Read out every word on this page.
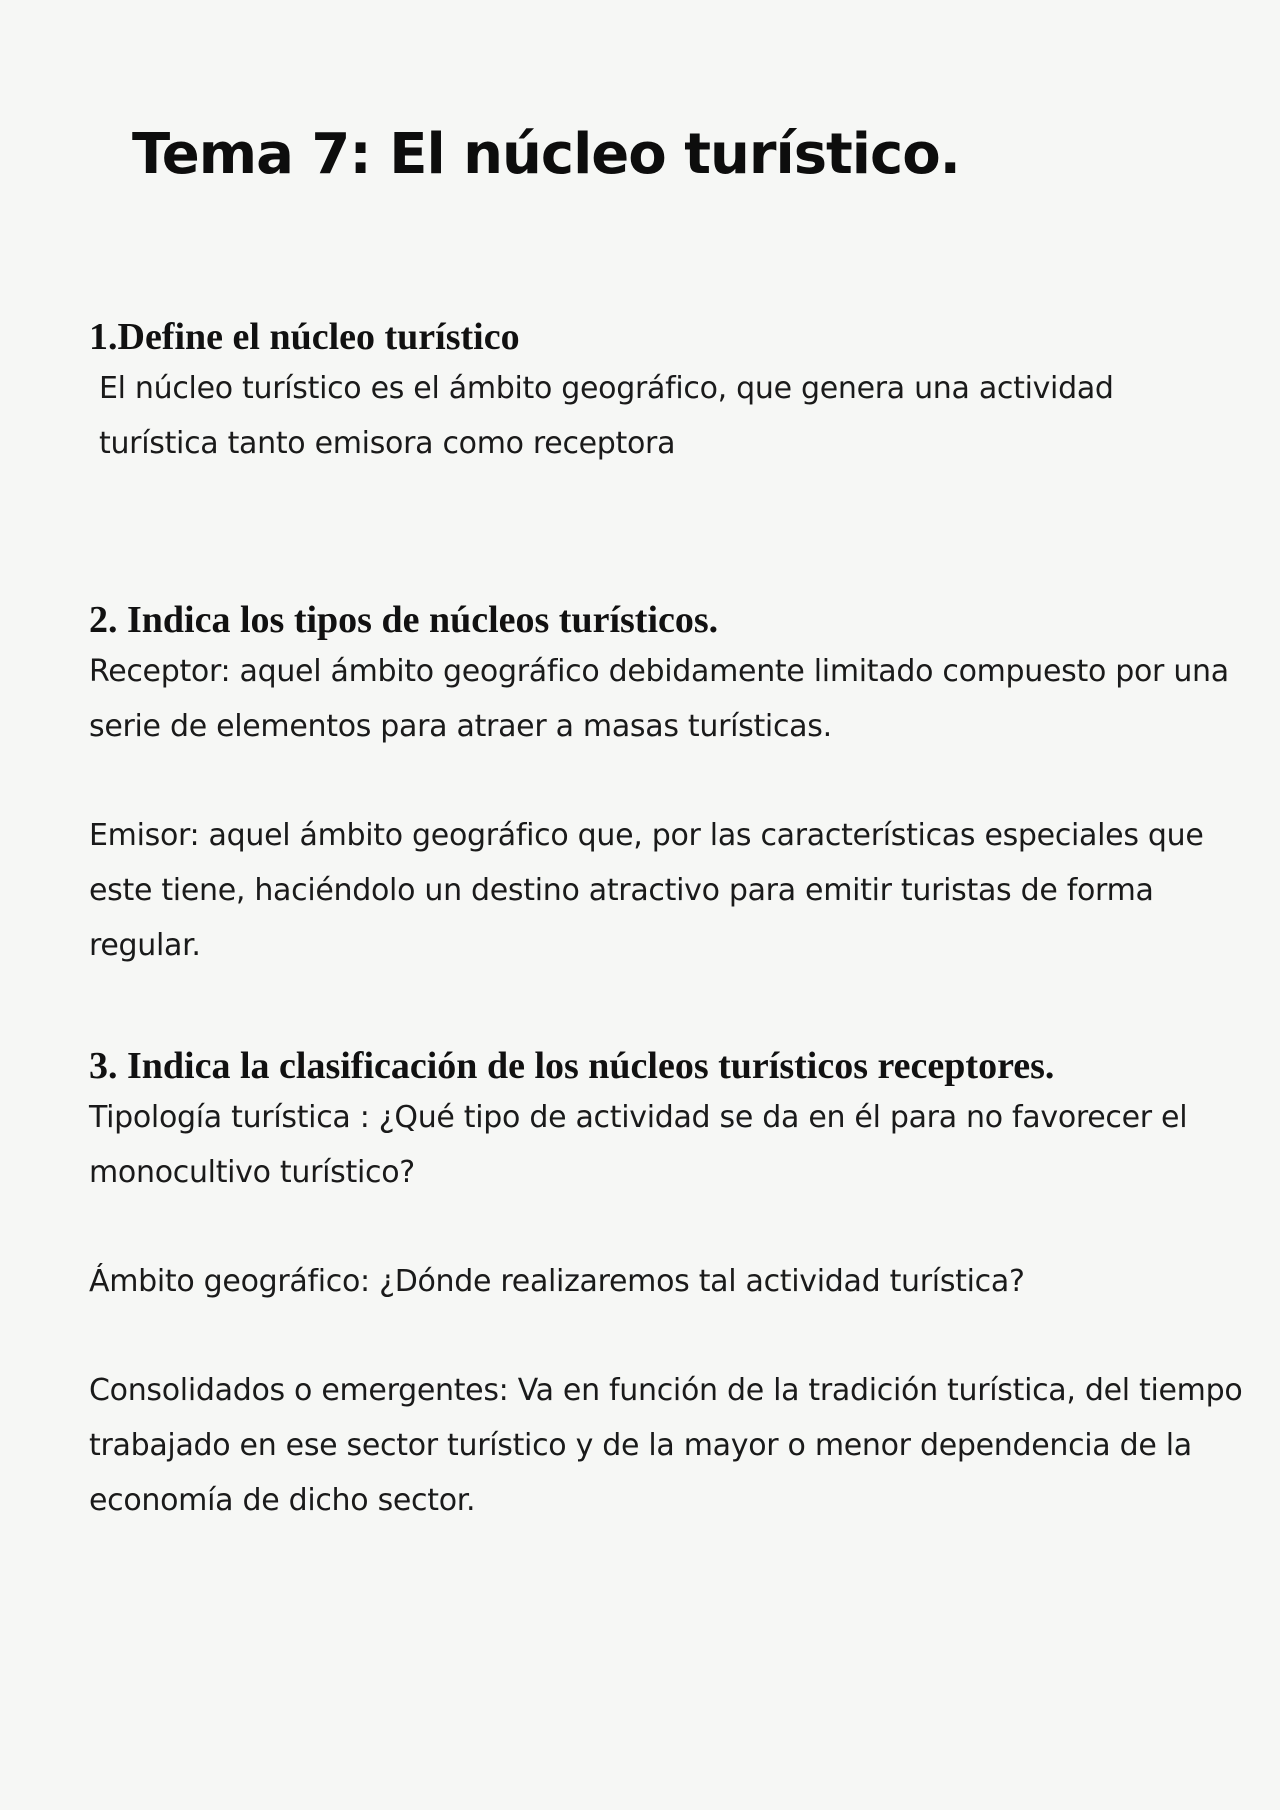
Tema 7: El núcleo turístico.
1.Define el núcleo turístico

El núcleo turístico es el ámbito geográfico, que genera una actividad turística tanto emisora como receptora

2. Indica los tipos de núcleos turísticos.

Receptor: aquel ámbito geográfico debidamente limitado compuesto por una serie de elementos para atraer a masas turísticas.

Emisor: aquel ámbito geográfico que, por las características especiales que este tiene, haciéndolo un destino atractivo para emitir turistas de forma regular.

3. Indica la clasificación de los núcleos turísticos receptores.

Tipología turística : ¿Qué tipo de actividad se da en él para no favorecer el monocultivo turístico?

Ámbito geográfico: ¿Dónde realizaremos tal actividad turística?

Consolidados o emergentes: Va en función de la tradición turística, del tiempo trabajado en ese sector turístico y de la mayor o menor dependencia de la economía de dicho sector.
